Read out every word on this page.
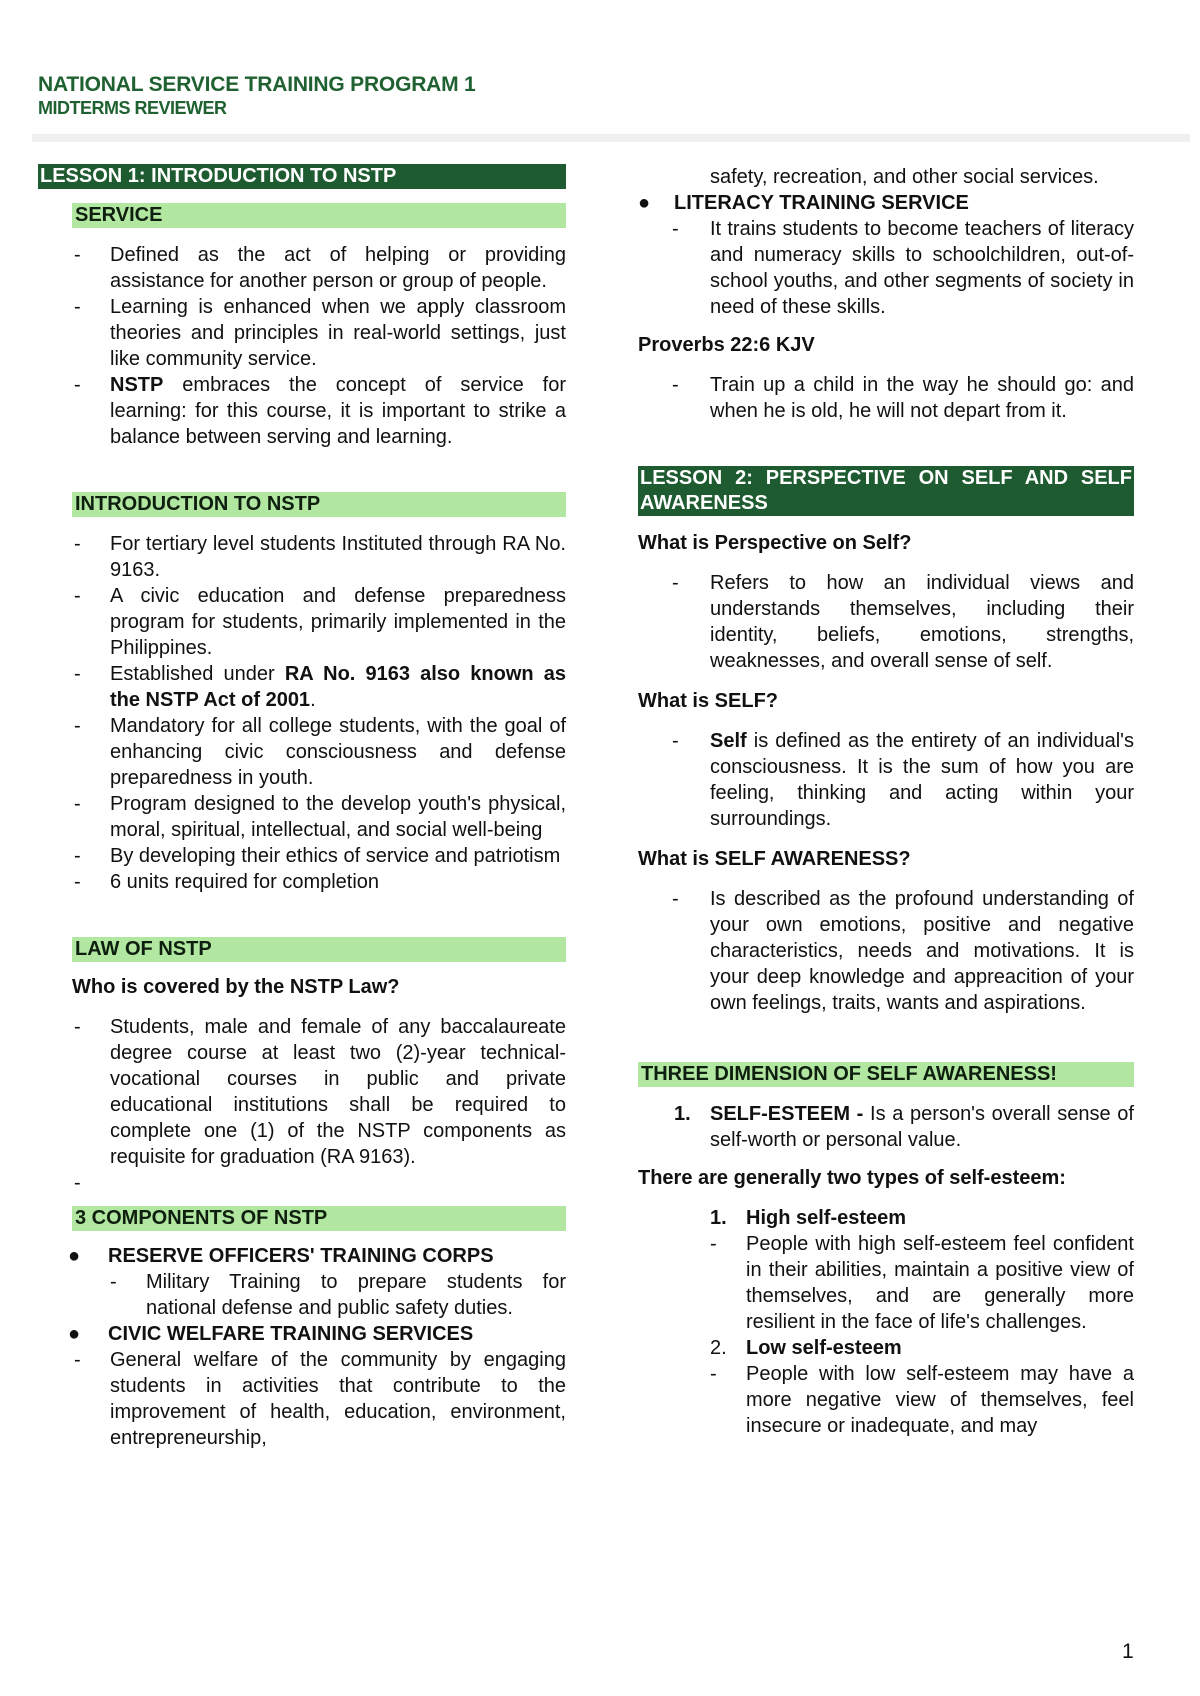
NATIONAL SERVICE TRAINING PROGRAM 1
MIDTERMS REVIEWER
LESSON 1: INTRODUCTION TO NSTP
SERVICE
- Defined as the act of helping or providing assistance for another person or group of people.
- Learning is enhanced when we apply classroom theories and principles in real-world settings, just like community service.
- NSTP embraces the concept of service for learning: for this course, it is important to strike a balance between serving and learning.
INTRODUCTION TO NSTP
- For tertiary level students Instituted through RA No. 9163.
- A civic education and defense preparedness program for students, primarily implemented in the Philippines.
- Established under RA No. 9163 also known as the NSTP Act of 2001.
- Mandatory for all college students, with the goal of enhancing civic consciousness and defense preparedness in youth.
- Program designed to the develop youth's physical, moral, spiritual, intellectual, and social well-being
- By developing their ethics of service and patriotism
- 6 units required for completion
LAW OF NSTP

Who is covered by the NSTP Law?

- Students, male and female of any baccalaureate degree course at least two (2)-year technical-vocational courses in public and private educational institutions shall be required to complete one (1) of the NSTP components as requisite for graduation (RA 9163).
-
3 COMPONENTS OF NSTP
● RESERVE OFFICERS' TRAINING CORPS
- Military Training to prepare students for national defense and public safety duties.
● CIVIC WELFARE TRAINING SERVICES
- General welfare of the community by engaging students in activities that contribute to the improvement of health, education, environment, entrepreneurship,

safety, recreation, and other social services.

● LITERACY TRAINING SERVICE
- It trains students to become teachers of literacy and numeracy skills to schoolchildren, out-of-school youths, and other segments of society in need of these skills.

Proverbs 22:6 KJV

- Train up a child in the way he should go: and when he is old, he will not depart from it.
LESSON 2: PERSPECTIVE ON SELF AND SELF AWARENESS

What is Perspective on Self?

- Refers to how an individual views and understands themselves, including their identity, beliefs, emotions, strengths, weaknesses, and overall sense of self.

What is SELF?

- Self is defined as the entirety of an individual's consciousness. It is the sum of how you are feeling, thinking and acting within your surroundings.

What is SELF AWARENESS?

- Is described as the profound understanding of your own emotions, positive and negative characteristics, needs and motivations. It is your deep knowledge and appreacition of your own feelings, traits, wants and aspirations.
THREE DIMENSION OF SELF AWARENESS!
1. SELF-ESTEEM - Is a person's overall sense of self-worth or personal value.

There are generally two types of self-esteem:

1. High self-esteem
- People with high self-esteem feel confident in their abilities, maintain a positive view of themselves, and are generally more resilient in the face of life's challenges.
2. Low self-esteem
- People with low self-esteem may have a more negative view of themselves, feel insecure or inadequate, and may
1
